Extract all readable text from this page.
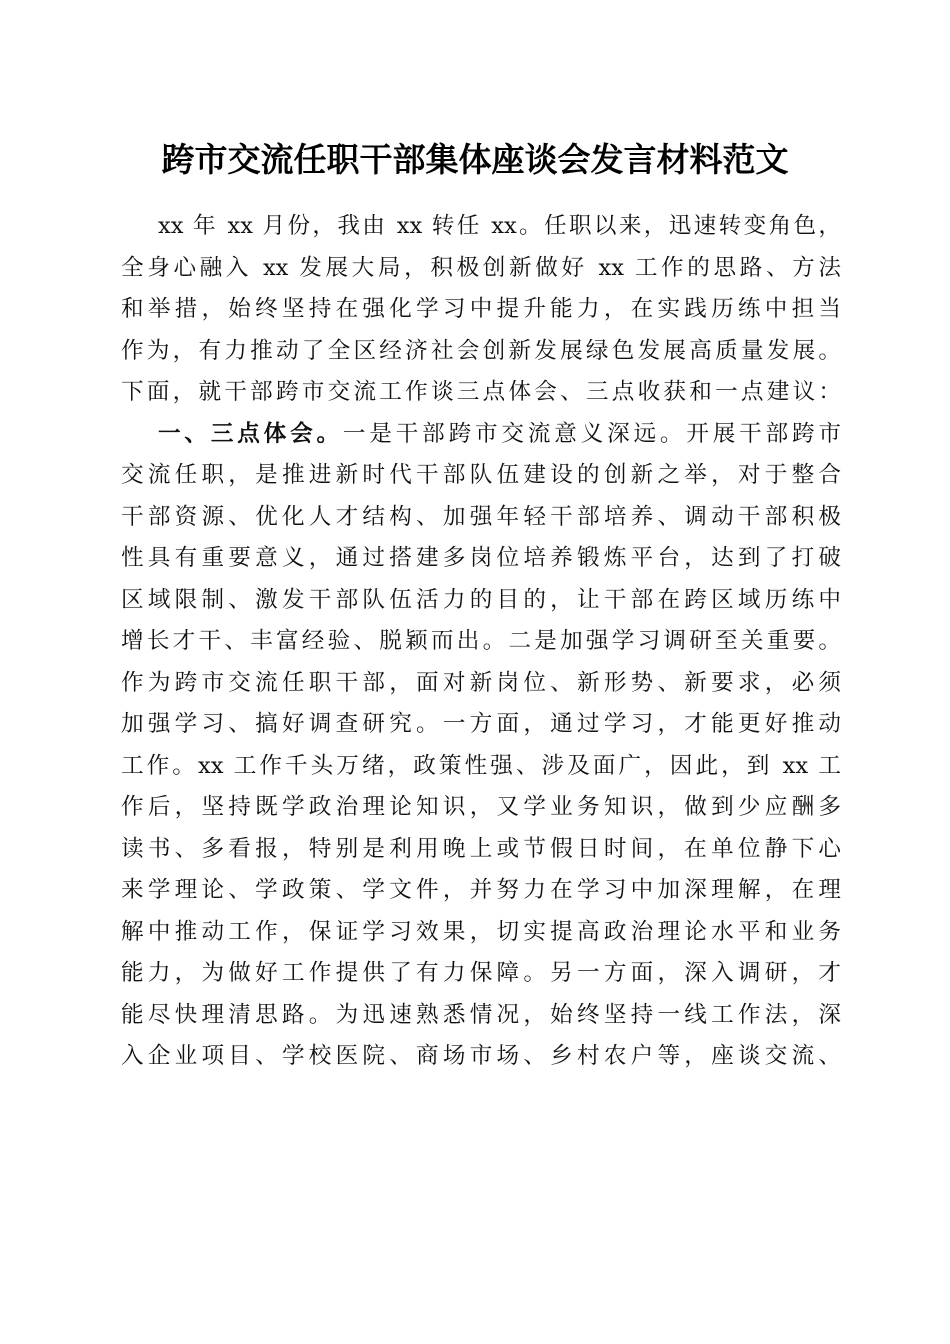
跨市交流任职干部集体座谈会发言材料范文
xx 年 xx 月份，我由 xx 转任 xx。任职以来，迅速转变角色，
全身心融入 xx 发展大局，积极创新做好 xx 工作的思路、方法
和举措，始终坚持在强化学习中提升能力，在实践历练中担当
作为，有力推动了全区经济社会创新发展绿色发展高质量发展。
下面，就干部跨市交流工作谈三点体会、三点收获和一点建议：
一、三点体会。一是干部跨市交流意义深远。开展干部跨市
交流任职，是推进新时代干部队伍建设的创新之举，对于整合
干部资源、优化人才结构、加强年轻干部培养、调动干部积极
性具有重要意义，通过搭建多岗位培养锻炼平台，达到了打破
区域限制、激发干部队伍活力的目的，让干部在跨区域历练中
增长才干、丰富经验、脱颖而出。二是加强学习调研至关重要。
作为跨市交流任职干部，面对新岗位、新形势、新要求，必须
加强学习、搞好调查研究。一方面，通过学习，才能更好推动
工作。xx 工作千头万绪，政策性强、涉及面广，因此，到 xx 工
作后，坚持既学政治理论知识，又学业务知识，做到少应酬多
读书、多看报，特别是利用晚上或节假日时间，在单位静下心
来学理论、学政策、学文件，并努力在学习中加深理解，在理
解中推动工作，保证学习效果，切实提高政治理论水平和业务
能力，为做好工作提供了有力保障。另一方面，深入调研，才
能尽快理清思路。为迅速熟悉情况，始终坚持一线工作法，深
入企业项目、学校医院、商场市场、乡村农户等，座谈交流、
